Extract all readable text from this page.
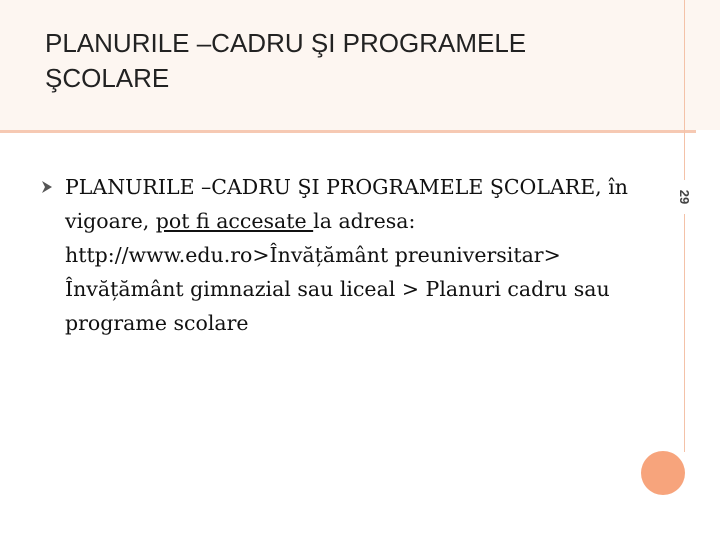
PLANURILE –CADRU ŞI PROGRAMELE ŞCOLARE
29
PLANURILE –CADRU ŞI PROGRAMELE ŞCOLARE, în vigoare, pot fi accesate la adresa: http://www.edu.ro>Învățământ preuniversitar> Învățământ gimnazial sau liceal > Planuri cadru sau programe scolare
